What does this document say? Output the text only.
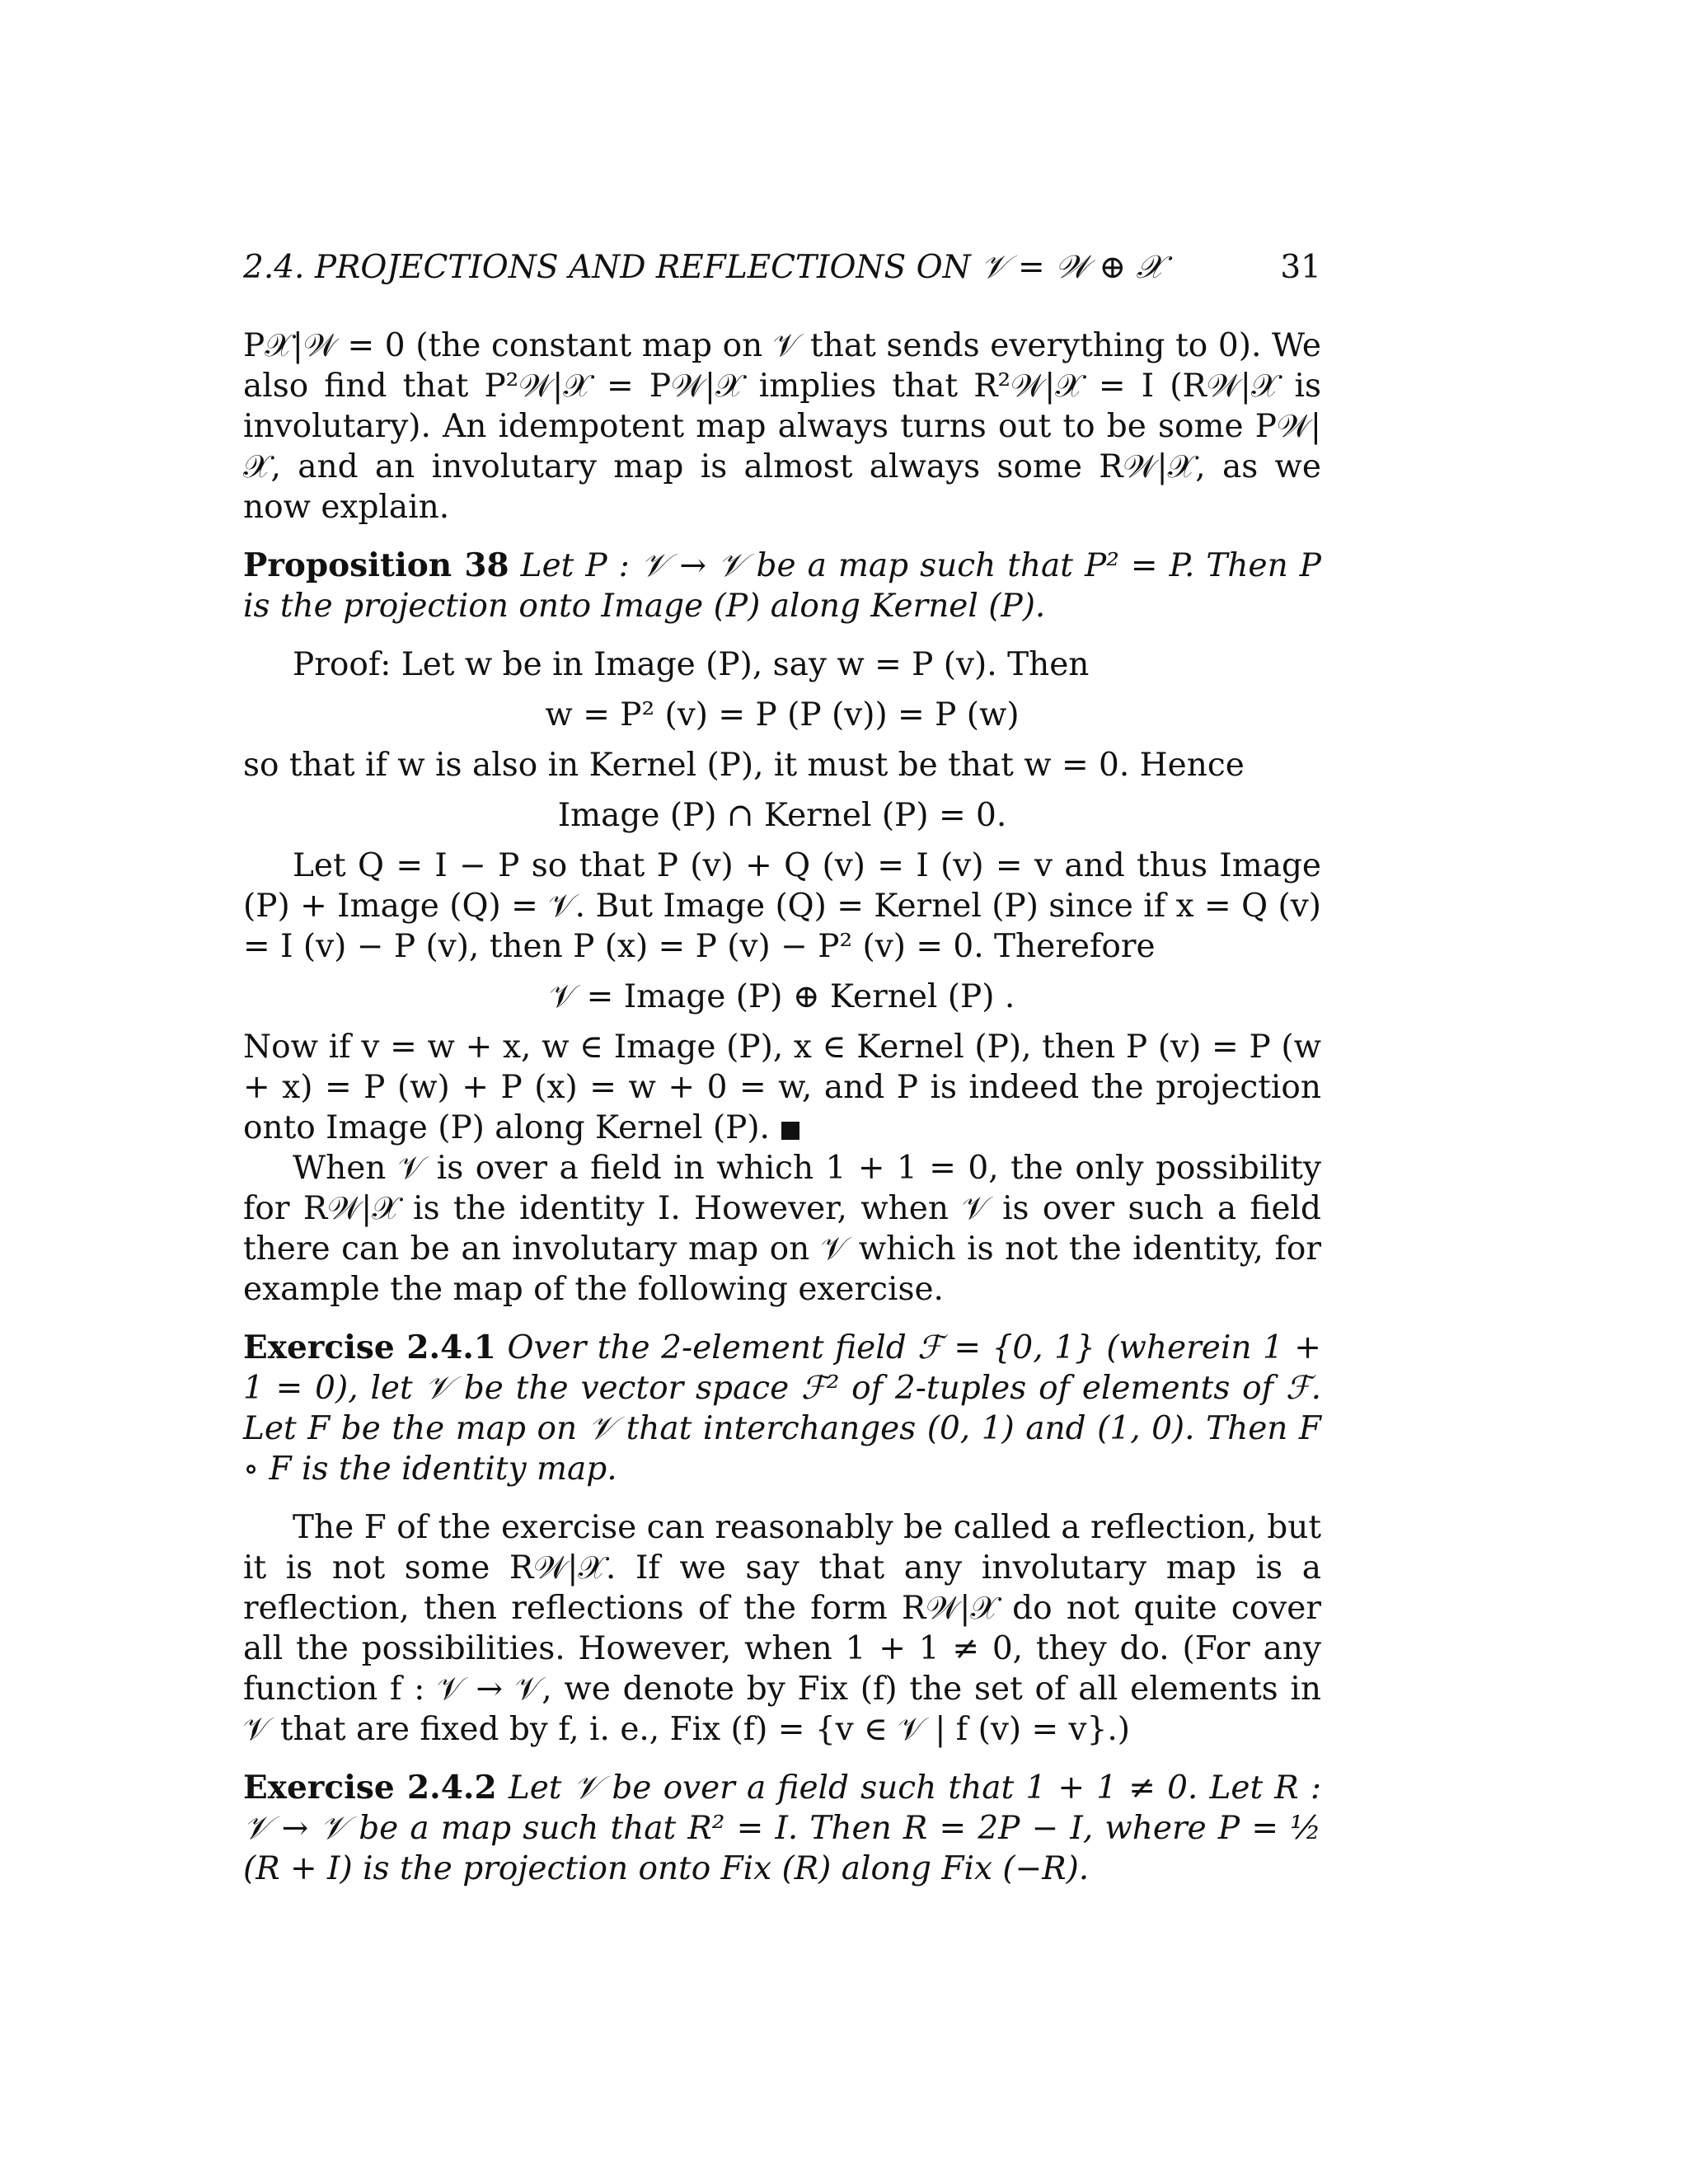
2.4. PROJECTIONS AND REFLECTIONS ON 𝒱 = 𝒲 ⊕ 𝒳	31

P𝒳|𝒲 = 0 (the constant map on 𝒱 that sends everything to 0). We also find that P²𝒲|𝒳 = P𝒲|𝒳 implies that R²𝒲|𝒳 = I (R𝒲|𝒳 is involutary). An idempotent map always turns out to be some P𝒲|𝒳, and an involutary map is almost always some R𝒲|𝒳, as we now explain.

Proposition 38 Let P : 𝒱 → 𝒱 be a map such that P² = P. Then P is the projection onto Image (P) along Kernel (P).

Proof: Let w be in Image (P), say w = P (v). Then

w = P² (v) = P (P (v)) = P (w)

so that if w is also in Kernel (P), it must be that w = 0. Hence

Image (P) ∩ Kernel (P) = 0.

Let Q = I − P so that P (v) + Q (v) = I (v) = v and thus Image (P) + Image (Q) = 𝒱. But Image (Q) = Kernel (P) since if x = Q (v) = I (v) − P (v), then P (x) = P (v) − P² (v) = 0. Therefore

𝒱 = Image (P) ⊕ Kernel (P) .

Now if v = w + x, w ∈ Image (P), x ∈ Kernel (P), then P (v) = P (w + x) = P (w) + P (x) = w + 0 = w, and P is indeed the projection onto Image (P) along Kernel (P).

When 𝒱 is over a field in which 1 + 1 = 0, the only possibility for R𝒲|𝒳 is the identity I. However, when 𝒱 is over such a field there can be an involutary map on 𝒱 which is not the identity, for example the map of the following exercise.

Exercise 2.4.1 Over the 2-element field ℱ = {0, 1} (wherein 1 + 1 = 0), let 𝒱 be the vector space ℱ² of 2-tuples of elements of ℱ. Let F be the map on 𝒱 that interchanges (0, 1) and (1, 0). Then F ∘ F is the identity map.

The F of the exercise can reasonably be called a reflection, but it is not some R𝒲|𝒳. If we say that any involutary map is a reflection, then reflections of the form R𝒲|𝒳 do not quite cover all the possibilities. However, when 1 + 1 ≠ 0, they do. (For any function f : 𝒱 → 𝒱, we denote by Fix (f) the set of all elements in 𝒱 that are fixed by f, i. e., Fix (f) = {v ∈ 𝒱 | f (v) = v}.)

Exercise 2.4.2 Let 𝒱 be over a field such that 1 + 1 ≠ 0. Let R : 𝒱 → 𝒱 be a map such that R² = I. Then R = 2P − I, where P = ½ (R + I) is the projection onto Fix (R) along Fix (−R).
